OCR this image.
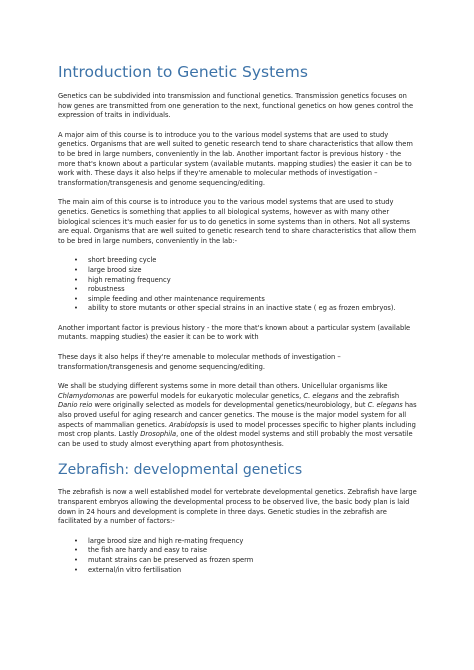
Introduction to Genetic Systems

Genetics can be subdivided into transmission and functional genetics. Transmission genetics focuses on how genes are transmitted from one generation to the next, functional genetics on how genes control the expression of traits in individuals.

A major aim of this course is to introduce you to the various model systems that are used to study genetics. Organisms that are well suited to genetic research tend to share characteristics that allow them to be bred in large numbers, conveniently in the lab. Another important factor is previous history - the more that's known about a particular system (available mutants. mapping studies) the easier it can be to work with. These days it also helps if they're amenable to molecular methods of investigation – transformation/transgenesis and genome sequencing/editing.

The main aim of this course is to introduce you to the various model systems that are used to study genetics. Genetics is something that applies to all biological systems, however as with many other biological sciences it's much easier for us to do genetics in some systems than in others. Not all systems are equal. Organisms that are well suited to genetic research tend to share characteristics that allow them to be bred in large numbers, conveniently in the lab:-

• short breeding cycle
• large brood size
• high remating frequency
• robustness
• simple feeding and other maintenance requirements
• ability to store mutants or other special strains in an inactive state ( eg as frozen embryos).

Another important factor is previous history - the more that's known about a particular system (available mutants. mapping studies) the easier it can be to work with

These days it also helps if they're amenable to molecular methods of investigation – transformation/transgenesis and genome sequencing/editing.

We shall be studying different systems some in more detail than others. Unicellular organisms like Chlamydomonas are powerful models for eukaryotic molecular genetics, C. elegans and the zebrafish Danio reio were originally selected as models for developmental genetics/neurobiology, but C. elegans has also proved useful for aging research and cancer genetics. The mouse is the major model system for all aspects of mammalian genetics. Arabidopsis is used to model processes specific to higher plants including most crop plants. Lastly Drosophila, one of the oldest model systems and still probably the most versatile can be used to study almost everything apart from photosynthesis.

Zebrafish: developmental genetics

The zebrafish is now a well established model for vertebrate developmental genetics. Zebrafish have large transparent embryos allowing the developmental process to be observed live, the basic body plan is laid down in 24 hours and development is complete in three days. Genetic studies in the zebrafish are facilitated by a number of factors:-

• large brood size and high re-mating frequency
• the fish are hardy and easy to raise
• mutant strains can be preserved as frozen sperm
• external/in vitro fertilisation
